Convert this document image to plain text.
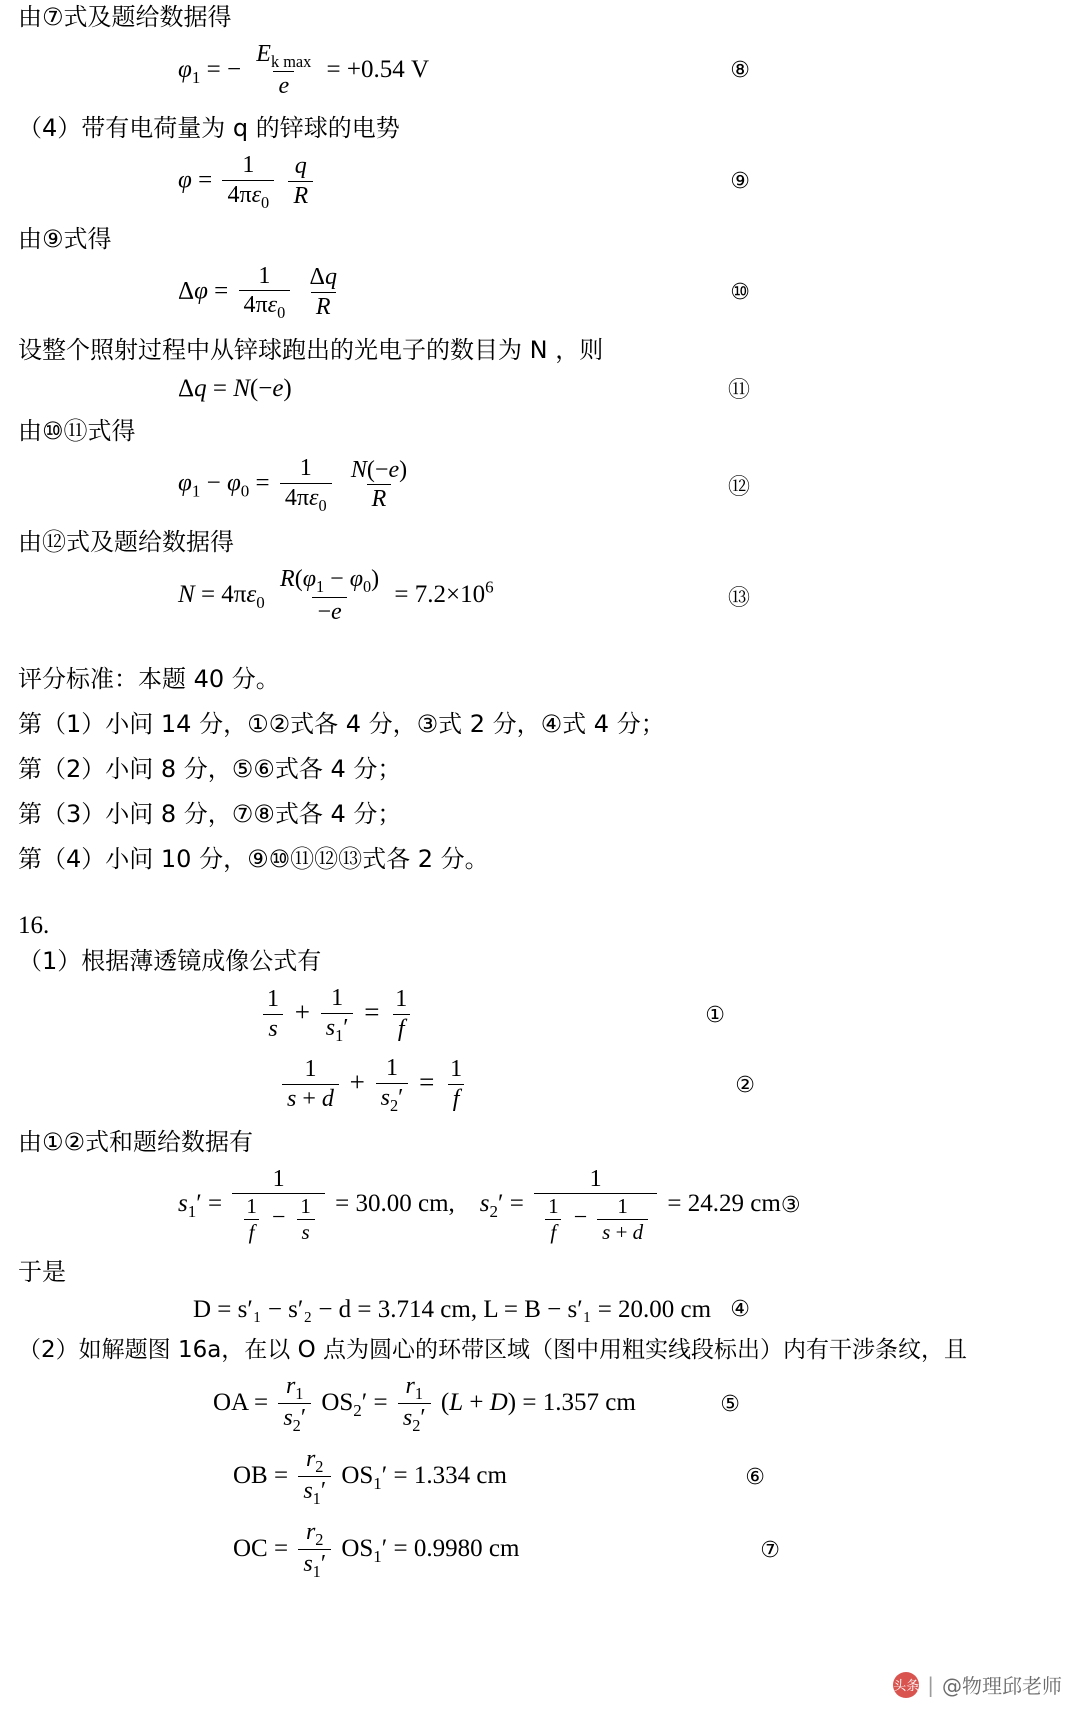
由⑦式及题给数据得
$\varphi_1$ = − $\frac{E_{k max}}{e} = +0.54$ V	⑧
（4）带有电荷量为 q 的锌球的电势
$\varphi = \frac{1}{4\pi\varepsilon_0}$
$\frac{q}{R}$	⑨
由⑨式得
$\Delta\varphi = \frac{1}{4\pi\varepsilon_0}$
$\frac{\Delta q}{R}$	⑩
设整个照射过程中从锌球跑出的光电子的数目为 N ，则
Δq = N(−e)	⑪
由⑩⑪式得
$\varphi_1 - \varphi_0 = \frac{1}{4\pi\varepsilon_0}$
$\frac{N(-e)}{R}$	⑫
由⑫式及题给数据得
$N = 4\pi\varepsilon_0 \frac{R(\varphi_1 - \varphi_0)}{-e} = 7.2\times 10^6$	⑬
评分标准：本题 40 分。
第（1）小问 14 分，①②式各 4 分，③式 2 分，④式 4 分；
第（2）小问 8 分，⑤⑥式各 4 分；
第（3）小问 8 分，⑦⑧式各 4 分；
第（4）小问 10 分，⑨⑩⑪⑫⑬式各 2 分。
16.
（1）根据薄透镜成像公式有
$\frac{1}{s} + \frac{1}{s_1'} = \frac{1}{f}$	①
$\frac{1}{s + d} + \frac{1}{s_2'} = \frac{1}{f}$	②
由①②式和题给数据有
$s_1' = \frac{1}{\frac{1}{f} - \frac{1}{s}} = 30.00$ cm, $s_2' = \frac{1}{\frac{1}{f} - \frac{1}{s + d}} = 24.29$ cm ③
于是
D = s′₁ − s′₂ − d = 3.714 cm, L = B − s′₁ = 20.00 cm ④
（2）如解题图 16a，在以 O 点为圆心的环带区域（图中用粗实线段标出）内有干涉条纹，且
OA = $\frac{r_1}{s_2'} OS_2' = \frac{r_1}{s_2'} (L + D) = 1.357$ cm	⑤
OB = $\frac{r_2}{s_1'} OS_1' = 1.334$ cm	⑥
OC = $\frac{r_2}{s_1'} OS_1' = 0.9980$ cm	⑦
头条 | @物理邱老师
